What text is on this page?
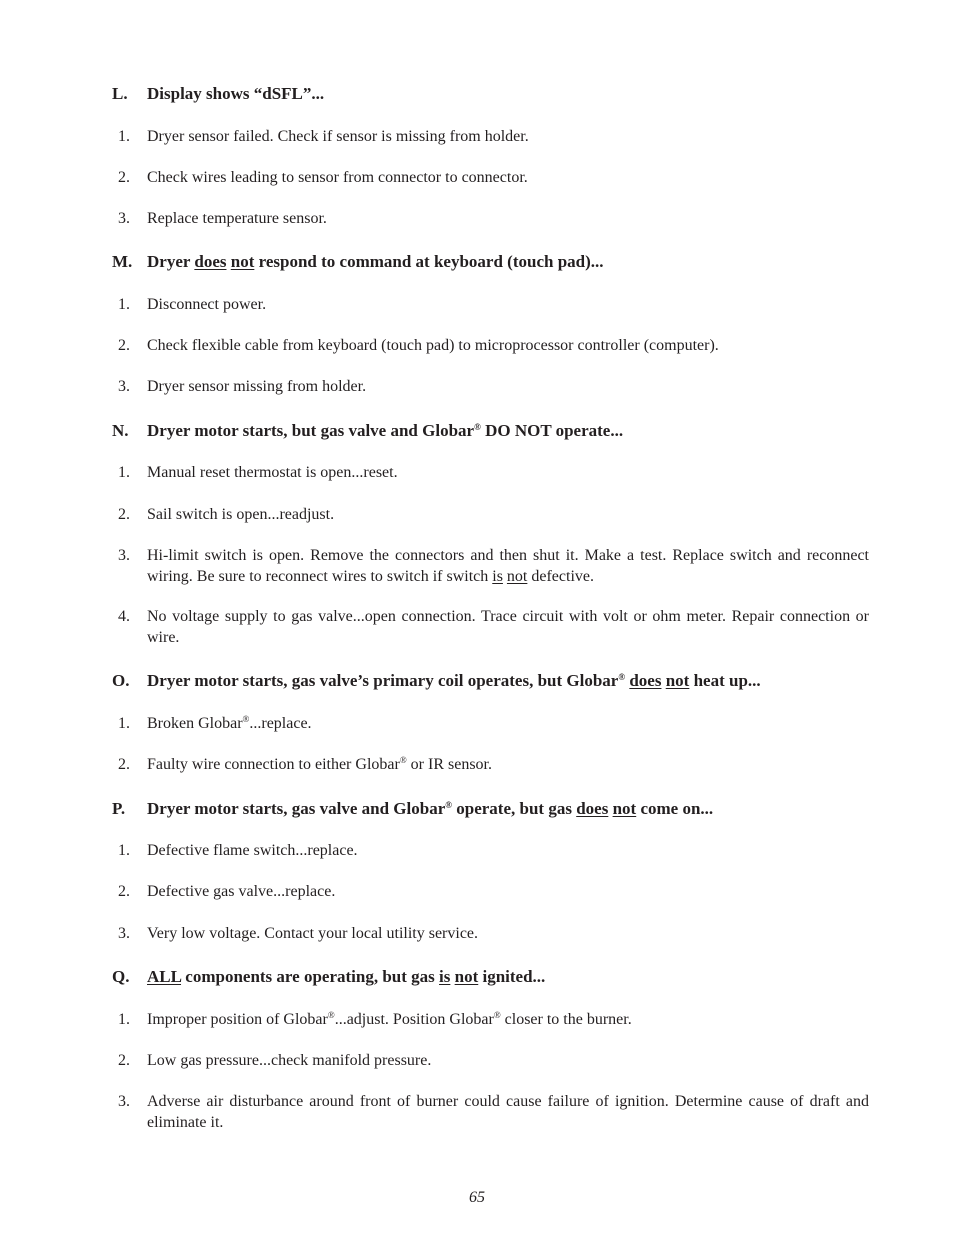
L. Display shows “dSFL”...
1. Dryer sensor failed. Check if sensor is missing from holder.
2. Check wires leading to sensor from connector to connector.
3. Replace temperature sensor.
M. Dryer does not respond to command at keyboard (touch pad)...
1. Disconnect power.
2. Check flexible cable from keyboard (touch pad) to microprocessor controller (computer).
3. Dryer sensor missing from holder.
N. Dryer motor starts, but gas valve and Globar® DO NOT operate...
1. Manual reset thermostat is open...reset.
2. Sail switch is open...readjust.
3. Hi-limit switch is open. Remove the connectors and then shut it. Make a test. Replace switch and reconnect wiring. Be sure to reconnect wires to switch if switch is not defective.
4. No voltage supply to gas valve...open connection. Trace circuit with volt or ohm meter. Repair connection or wire.
O. Dryer motor starts, gas valve’s primary coil operates, but Globar® does not heat up...
1. Broken Globar®...replace.
2. Faulty wire connection to either Globar® or IR sensor.
P. Dryer motor starts, gas valve and Globar® operate, but gas does not come on...
1. Defective flame switch...replace.
2. Defective gas valve...replace.
3. Very low voltage. Contact your local utility service.
Q. ALL components are operating, but gas is not ignited...
1. Improper position of Globar®...adjust. Position Globar® closer to the burner.
2. Low gas pressure...check manifold pressure.
3. Adverse air disturbance around front of burner could cause failure of ignition. Determine cause of draft and eliminate it.
65
